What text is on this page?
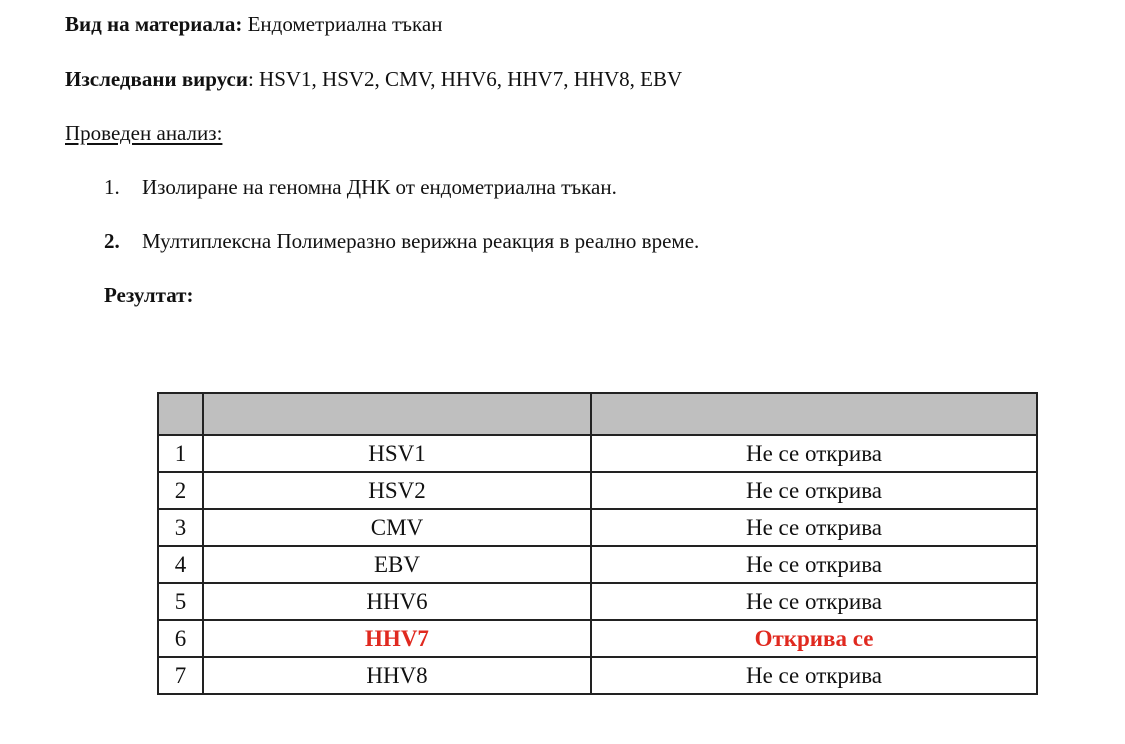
Вид на материала: Ендометриална тъкан
Изследвани вируси: HSV1, HSV2, CMV, HHV6, HHV7, HHV8, EBV
Проведен анализ:
1. Изолиране на геномна ДНК от ендометриална тъкан.
2. Мултиплексна Полимеразно верижна реакция в реално време.
Резултат:

1	HSV1	Не се открива
2	HSV2	Не се открива
3	CMV	Не се открива
4	EBV	Не се открива
5	HHV6	Не се открива
6	HHV7	Открива се
7	HHV8	Не се открива
